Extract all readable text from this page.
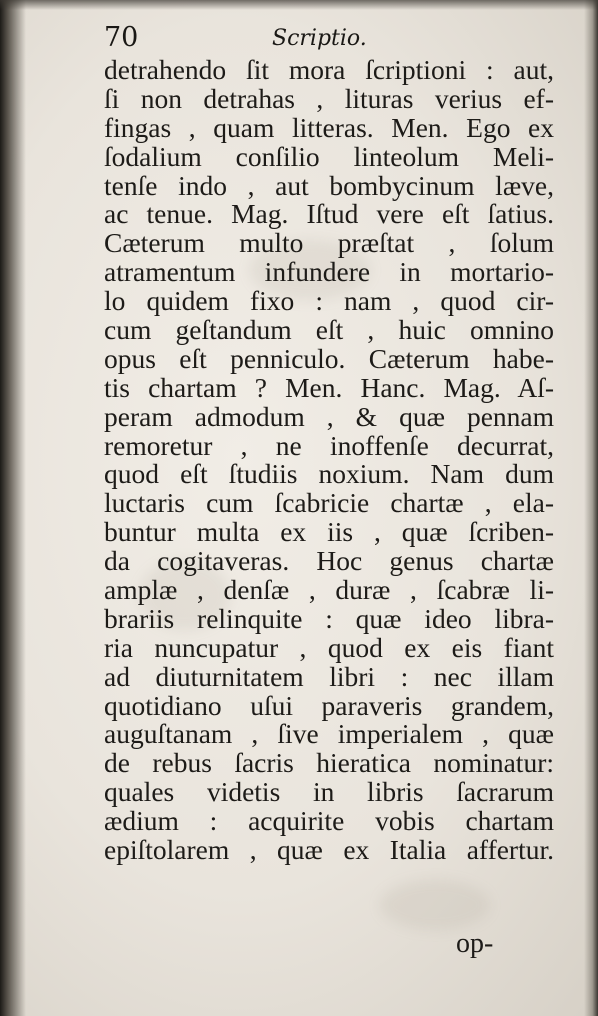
70	Scriptio.
detrahendo ſit mora ſcriptioni : aut,
ſi non detrahas , lituras verius ef-
fingas , quam litteras. Men. Ego ex
ſodalium conſilio linteolum Meli-
tenſe indo , aut bombycinum læve,
ac tenue. Mag. Iſtud vere eſt ſatius.
Cæterum multo præſtat , ſolum
atramentum infundere in mortario-
lo quidem fixo : nam , quod cir-
cum geſtandum eſt , huic omnino
opus eſt penniculo. Cæterum habe-
tis chartam ? Men. Hanc. Mag. Aſ-
peram admodum , & quæ pennam
remoretur , ne inoffenſe decurrat,
quod eſt ſtudiis noxium. Nam dum
luctaris cum ſcabricie chartæ , ela-
buntur multa ex iis , quæ ſcriben-
da cogitaveras. Hoc genus chartæ
amplæ , denſæ , duræ , ſcabræ li-
brariis relinquite : quæ ideo libra-
ria nuncupatur , quod ex eis fiant
ad diuturnitatem libri : nec illam
quotidiano uſui paraveris grandem,
auguſtanam , ſive imperialem , quæ
de rebus ſacris hieratica nominatur:
quales videtis in libris ſacrarum
ædium : acquirite vobis chartam
epiſtolarem , quæ ex Italia affertur.
op-
